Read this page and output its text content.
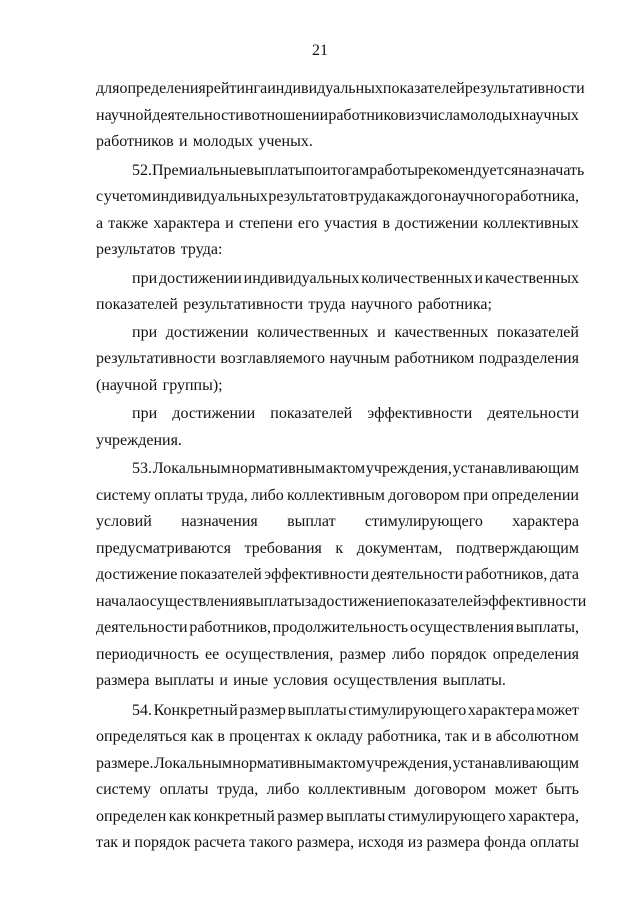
21
для определения рейтинга индивидуальных показателей результативности
научной деятельности в отношении работников из числа молодых научных
работников и молодых ученых.
52. Премиальные выплаты по итогам работы рекомендуется назначать
с учетом индивидуальных результатов труда каждого научного работника,
а также характера и степени его участия в достижении коллективных
результатов труда:
при достижении индивидуальных количественных и качественных
показателей результативности труда научного работника;
при достижении количественных и качественных показателей
результативности возглавляемого научным работником подразделения
(научной группы);
при достижении показателей эффективности деятельности
учреждения.
53. Локальным нормативным актом учреждения, устанавливающим
систему оплаты труда, либо коллективным договором при определении
условий назначения выплат стимулирующего характера
предусматриваются требования к документам, подтверждающим
достижение показателей эффективности деятельности работников, дата
начала осуществления выплаты за достижение показателей эффективности
деятельности работников, продолжительность осуществления выплаты,
периодичность ее осуществления, размер либо порядок определения
размера выплаты и иные условия осуществления выплаты.
54. Конкретный размер выплаты стимулирующего характера может
определяться как в процентах к окладу работника, так и в абсолютном
размере. Локальным нормативным актом учреждения, устанавливающим
систему оплаты труда, либо коллективным договором может быть
определен как конкретный размер выплаты стимулирующего характера,
так и порядок расчета такого размера, исходя из размера фонда оплаты
